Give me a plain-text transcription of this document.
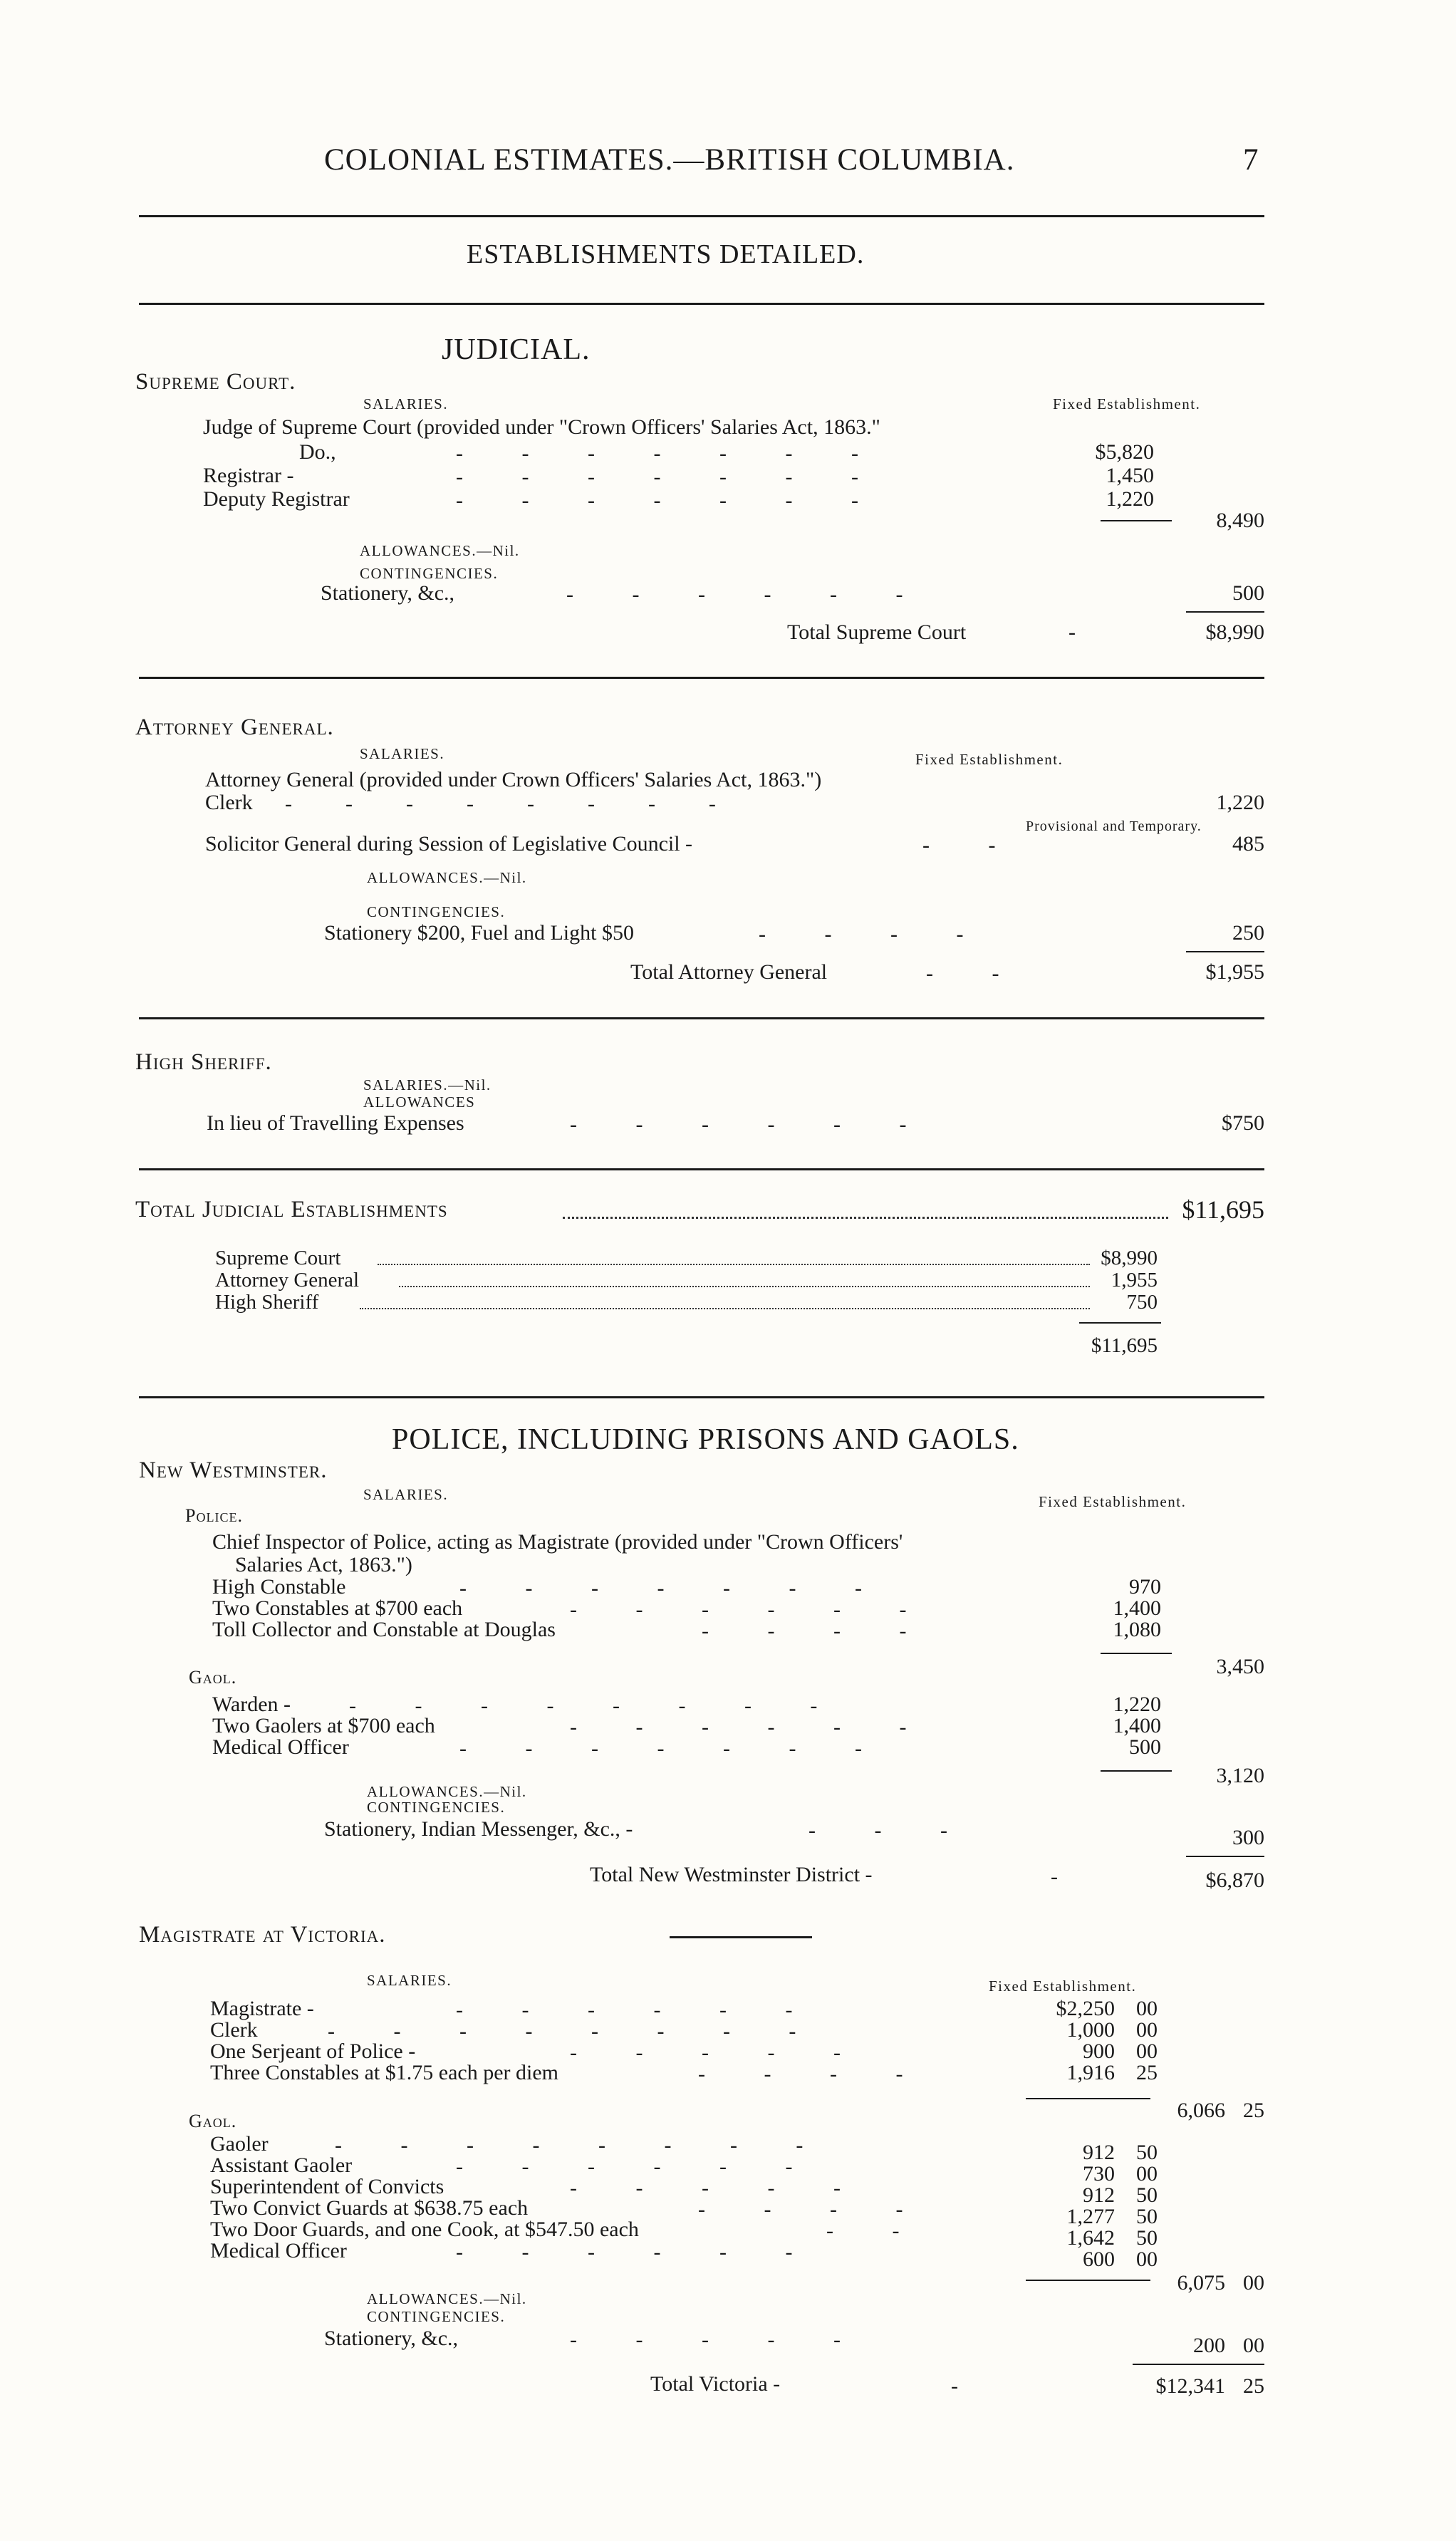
COLONIAL ESTIMATES.—BRITISH COLUMBIA.	7
ESTABLISHMENTS DETAILED.
JUDICIAL.
Supreme Court.
SALARIES.	Fixed Establishment.
Judge of Supreme Court (provided under "Crown Officers' Salaries Act, 1863."
Do.,	-           -           -           -           -           -           -	$5,820
Registrar -	-           -           -           -           -           -           -	1,450
Deputy Registrar	-           -           -           -           -           -           -	1,220
8,490
ALLOWANCES.—Nil.
CONTINGENCIES.
Stationery, &c.,	-           -           -           -           -           -	500
Total Supreme Court	-	$8,990
Attorney General.
SALARIES.	Fixed Establishment.
Attorney General (provided under Crown Officers' Salaries Act, 1863.")
Clerk -          -          -          -          -          -          -          -	1,220
Provisional and Temporary.
Solicitor General during Session of Legislative Council -	-           -	485
ALLOWANCES.—Nil.
CONTINGENCIES.
Stationery $200, Fuel and Light $50	-           -           -           -	250
Total Attorney General	-           -	$1,955
High Sheriff.
SALARIES.—Nil.
ALLOWANCES
In lieu of Travelling Expenses	-           -           -           -           -           -	$750
Total Judicial Establishments	$11,695
Supreme Court	$8,990
Attorney General	1,955
High Sheriff	750
$11,695
POLICE, INCLUDING PRISONS AND GAOLS.
New Westminster.
SALARIES.	Fixed Establishment.
Police.
Chief Inspector of Police, acting as Magistrate (provided under "Crown Officers'
Salaries Act, 1863.")
High Constable	-           -           -           -           -           -           -	970
Two Constables at $700 each	-           -           -           -           -           -	1,400
Toll Collector and Constable at Douglas	-           -           -           -	1,080
3,450
Gaol.
Warden -	-           -           -           -           -           -           -           -	1,220
Two Gaolers at $700 each	-           -           -           -           -           -	1,400
Medical Officer	-           -           -           -           -           -           -	500
3,120
ALLOWANCES.—Nil.
CONTINGENCIES.
Stationery, Indian Messenger, &c., -	-           -           -	300
Total New Westminster District -	-	$6,870
Magistrate at Victoria.
SALARIES.	Fixed Establishment.
Magistrate -	-           -           -           -           -           -	$2,250 00
Clerk	-           -           -           -           -           -           -           -	1,000 00
One Serjeant of Police -	-           -           -           -           -	900 00
Three Constables at $1.75 each per diem	-           -           -           -	1,916 25
6,066 25
Gaol.
Gaoler	-           -           -           -           -           -           -           -	912 50
Assistant Gaoler	-           -           -           -           -           -	730 00
Superintendent of Convicts	-           -           -           -           -	912 50
Two Convict Guards at $638.75 each	-           -           -           -	1,277 50
Two Door Guards, and one Cook, at $547.50 each	-           -	1,642 50
Medical Officer	-           -           -           -           -           -	600 00
6,075 00
ALLOWANCES.—Nil.
CONTINGENCIES.
Stationery, &c.,	-           -           -           -           -	200 00
Total Victoria -	-	$12,341 25
